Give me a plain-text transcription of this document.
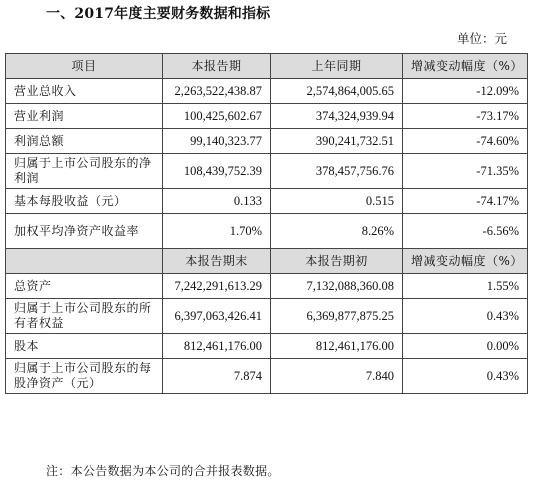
一、2017年度主要财务数据和指标
单位：元
项目	本报告期	上年同期	增减变动幅度（%）
营业总收入	2,263,522,438.87	2,574,864,005.65	-12.09%
营业利润	100,425,602.67	374,324,939.94	-73.17%
利润总额	99,140,323.77	390,241,732.51	-74.60%
归属于上市公司股东的净利润	108,439,752.39	378,457,756.76	-71.35%
基本每股收益（元）	0.133	0.515	-74.17%
加权平均净资产收益率	1.70%	8.26%	-6.56%
	本报告期末	本报告期初	增减变动幅度（%）
总资产	7,242,291,613.29	7,132,088,360.08	1.55%
归属于上市公司股东的所有者权益	6,397,063,426.41	6,369,877,875.25	0.43%
股本	812,461,176.00	812,461,176.00	0.00%
归属于上市公司股东的每股净资产（元）	7.874	7.840	0.43%
注：本公告数据为本公司的合并报表数据。
